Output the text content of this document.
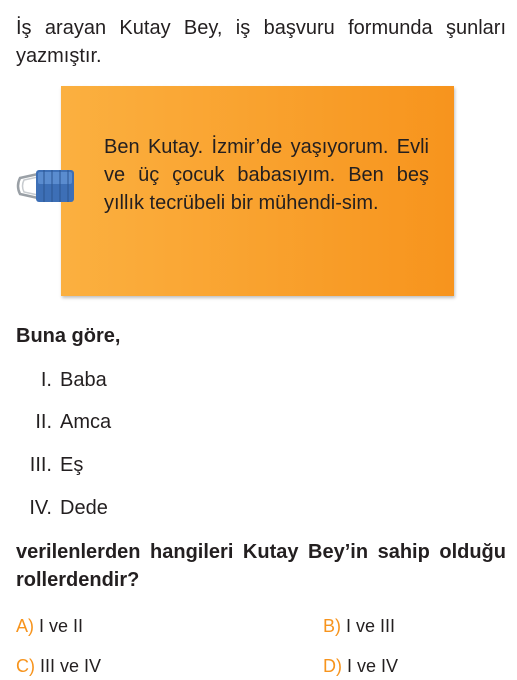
İş arayan Kutay Bey, iş başvuru formunda şunları yazmıştır.
Ben Kutay. İzmir’de yaşıyorum. Evli ve üç çocuk babasıyım. Ben beş yıllık tecrübeli bir mühendi-sim.
Buna göre,
I. Baba
II. Amca
III. Eş
IV. Dede
verilenlerden hangileri Kutay Bey’in sahip olduğu rollerdendir?
A) I ve II	B) I ve III
C) III ve IV	D) I ve IV
